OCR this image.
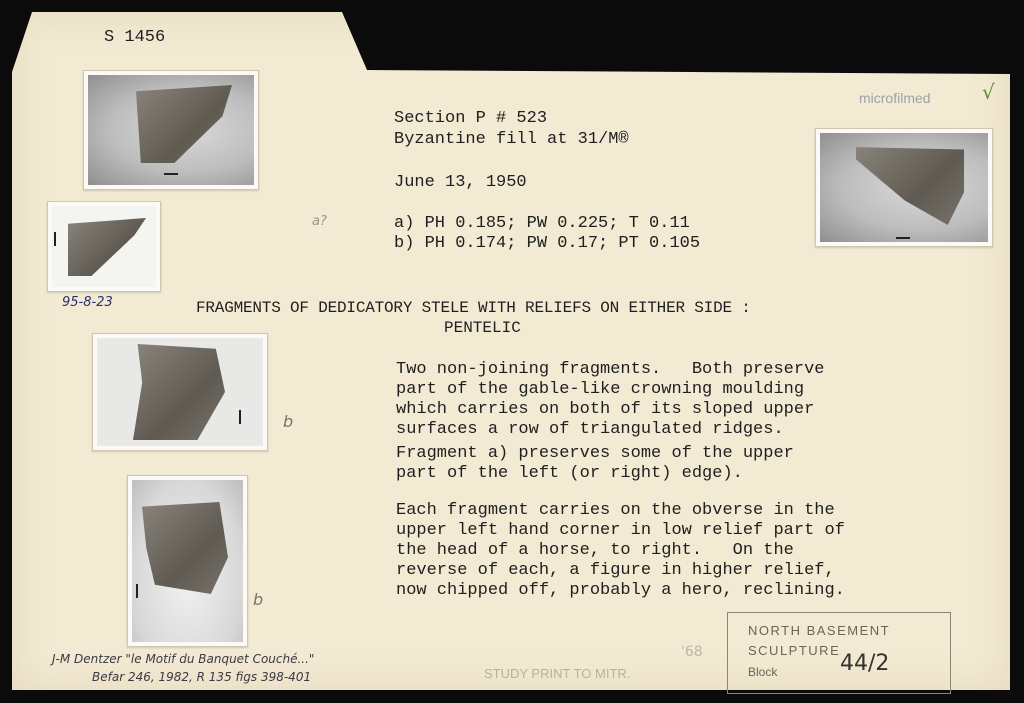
S 1456
microfilmed	√
95-8-23
b
b
Section P # 523
Byzantine fill at 31/M®
June 13, 1950
a?	a) PH 0.185; PW 0.225; T 0.11
b) PH 0.174; PW 0.17; PT 0.105
FRAGMENTS OF DEDICATORY STELE WITH RELIEFS ON EITHER SIDE :
PENTELIC
Two non-joining fragments.   Both preserve
part of the gable-like crowning moulding
which carries on both of its sloped upper
surfaces a row of triangulated ridges.
Fragment a) preserves some of the upper
part of the left (or right) edge).
Each fragment carries on the obverse in the
upper left hand corner in low relief part of
the head of a horse, to right.   On the
reverse of each, a figure in higher relief,
now chipped off, probably a hero, reclining.
J-M Dentzer "le Motif du Banquet Couché..."
Befar 246, 1982, R 135 figs 398-401	STUDY PRINT TO MITR.
'68
NORTH BASEMENT
SCULPTURE
Block	44/2
